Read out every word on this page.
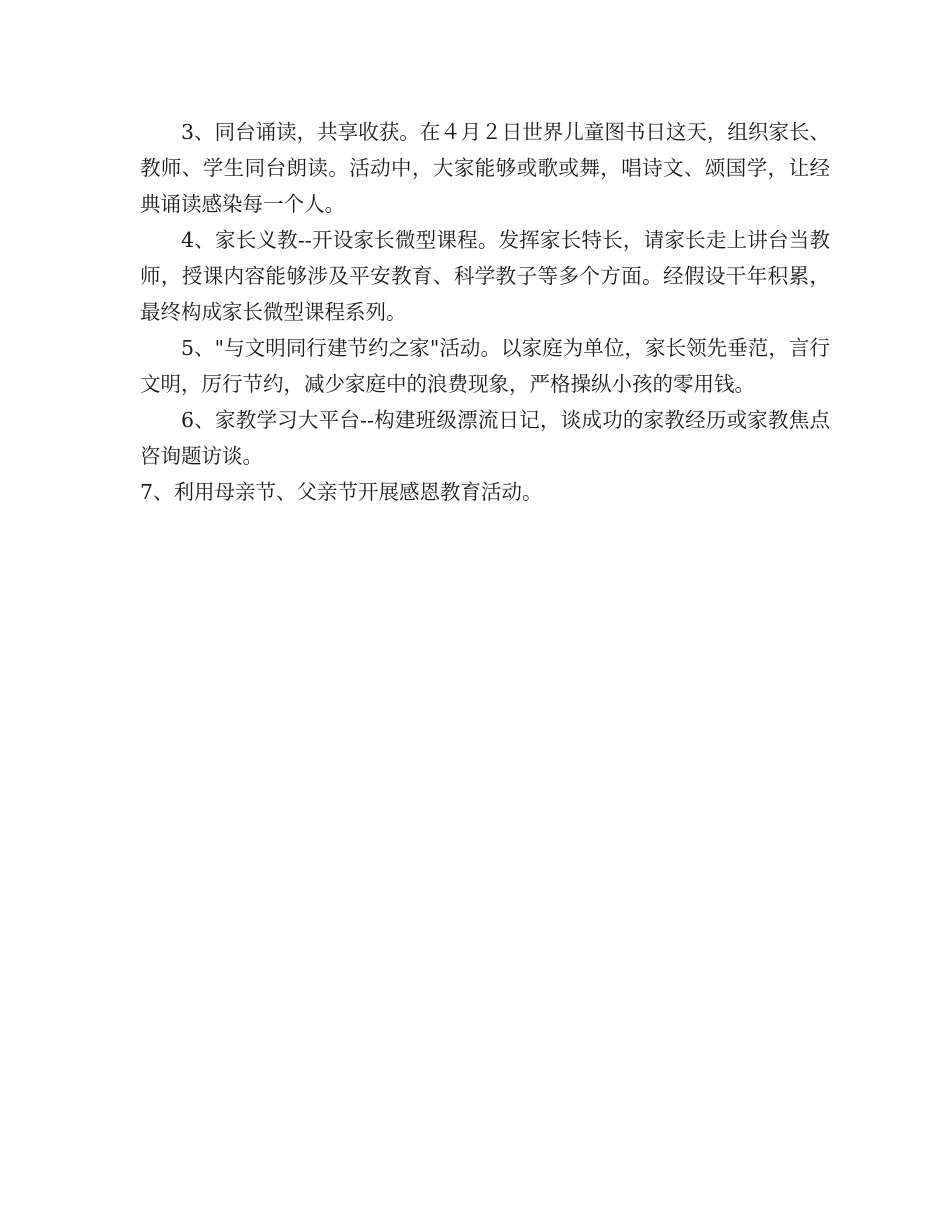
3、同台诵读，共享收获。在４月２日世界儿童图书日这天，组织家长、教师、学生同台朗读。活动中，大家能够或歌或舞，唱诗文、颂国学，让经典诵读感染每一个人。

4、家长义教--开设家长微型课程。发挥家长特长，请家长走上讲台当教师，授课内容能够涉及平安教育、科学教子等多个方面。经假设干年积累，最终构成家长微型课程系列。

5、"与文明同行建节约之家"活动。以家庭为单位，家长领先垂范，言行文明，厉行节约，减少家庭中的浪费现象，严格操纵小孩的零用钱。

6、家教学习大平台--构建班级漂流日记，谈成功的家教经历或家教焦点咨询题访谈。

7、利用母亲节、父亲节开展感恩教育活动。
